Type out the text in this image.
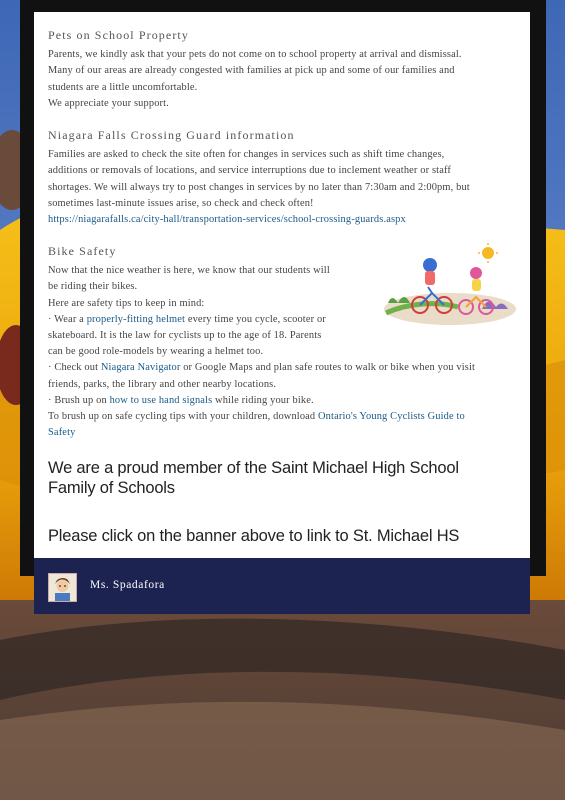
Pets on School Property

Parents, we kindly ask that your pets do not come on to school property at arrival and dismissal.

Many of our areas are already congested with families at pick up and some of our families and

students are a little uncomfortable.

We appreciate your support.

Niagara Falls Crossing Guard information

Families are asked to check the site often for changes in services such as shift time changes,

additions or removals of locations, and service interruptions due to inclement weather or staff

shortages. We will always try to post changes in services by no later than 7:30am and 2:00pm, but

sometimes last-minute issues arise, so check and check often!

https://niagarafalls.ca/city-hall/transportation-services/school-crossing-guards.aspx

Bike Safety

Now that the nice weather is here, we know that our students will

be riding their bikes.

Here are safety tips to keep in mind:

· Wear a properly-fitting helmet every time you cycle, scooter or

skateboard. It is the law for cyclists up to the age of 18. Parents

can be good role-models by wearing a helmet too.

· Check out Niagara Navigator or Google Maps and plan safe routes to walk or bike when you visit

friends, parks, the library and other nearby locations.

· Brush up on how to use hand signals while riding your bike.

To brush up on safe cycling tips with your children, download Ontario's Young Cyclists Guide to

Safety

We are a proud member of the Saint Michael High School
Family of Schools
Please click on the banner above to link to St. Michael HS
Ms. Spadafora
